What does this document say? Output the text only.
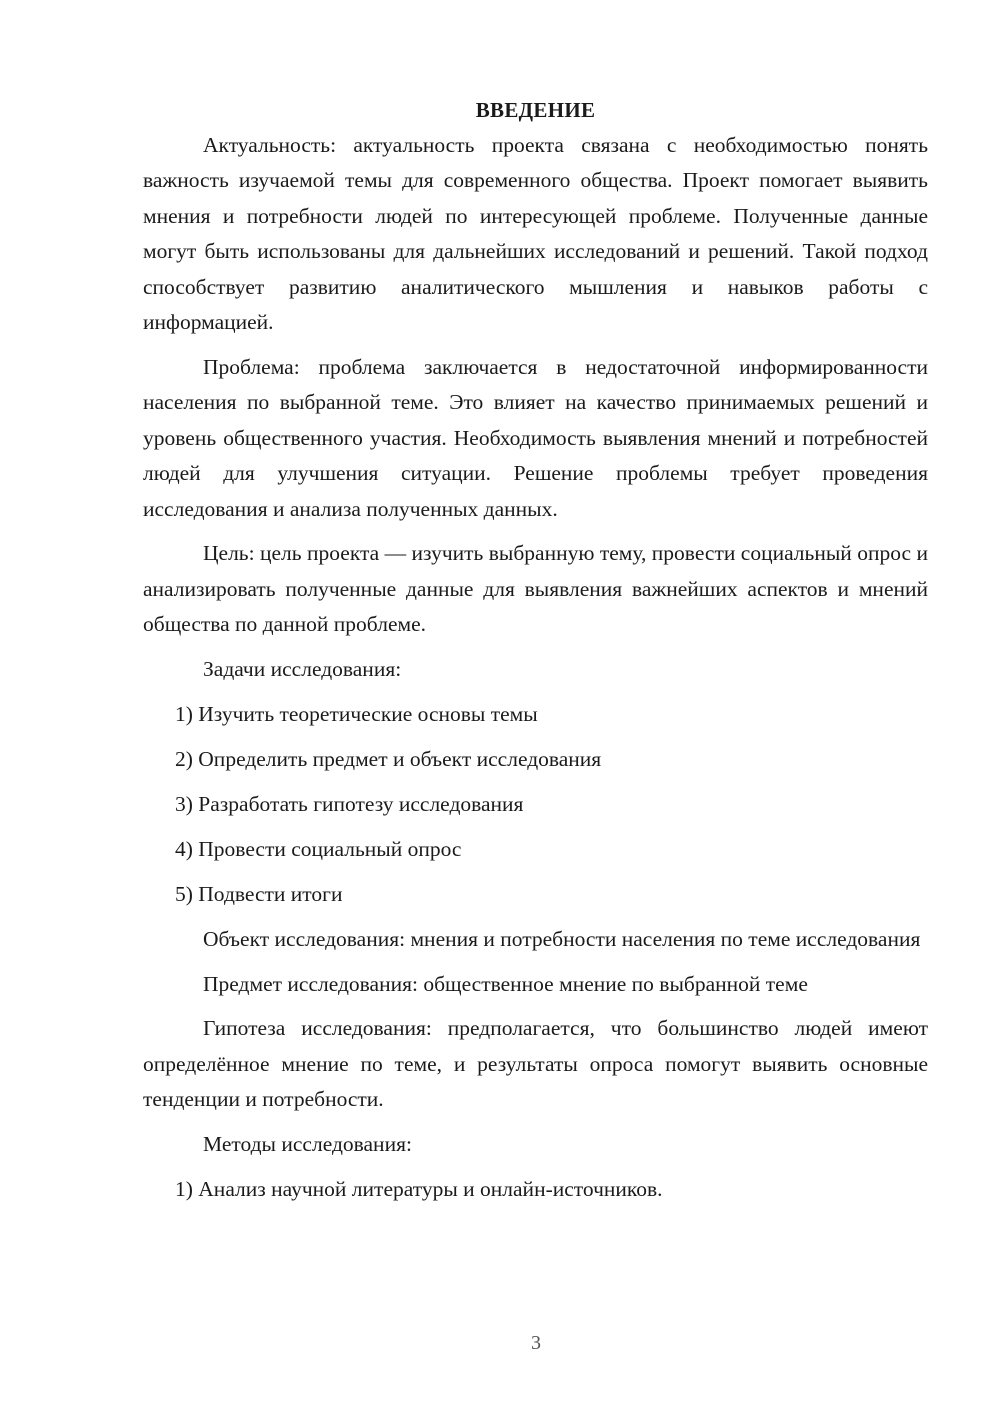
ВВЕДЕНИЕ

Актуальность: актуальность проекта связана с необходимостью понять важность изучаемой темы для современного общества. Проект помогает выявить мнения и потребности людей по интересующей проблеме. Полученные данные могут быть использованы для дальнейших исследований и решений. Такой подход способствует развитию аналитического мышления и навыков работы с информацией.

Проблема: проблема заключается в недостаточной информированности населения по выбранной теме. Это влияет на качество принимаемых решений и уровень общественного участия. Необходимость выявления мнений и потребностей людей для улучшения ситуации. Решение проблемы требует проведения исследования и анализа полученных данных.

Цель: цель проекта — изучить выбранную тему, провести социальный опрос и анализировать полученные данные для выявления важнейших аспектов и мнений общества по данной проблеме.

Задачи исследования:

1) Изучить теоретические основы темы

2) Определить предмет и объект исследования

3) Разработать гипотезу исследования

4) Провести социальный опрос

5) Подвести итоги

Объект исследования: мнения и потребности населения по теме исследования

Предмет исследования: общественное мнение по выбранной теме

Гипотеза исследования: предполагается, что большинство людей имеют определённое мнение по теме, и результаты опроса помогут выявить основные тенденции и потребности.

Методы исследования:

1) Анализ научной литературы и онлайн-источников.

3
